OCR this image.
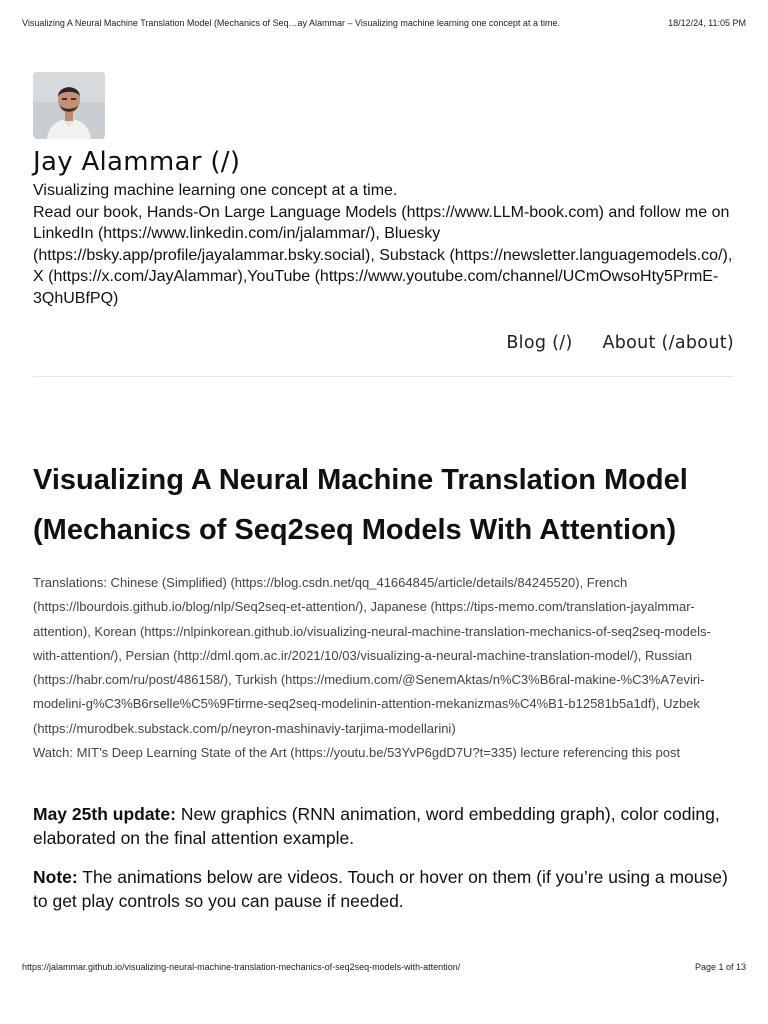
Visualizing A Neural Machine Translation Model (Mechanics of Seq…ay Alammar – Visualizing machine learning one concept at a time.	18/12/24, 11:05 PM
Jay Alammar (/)

Visualizing machine learning one concept at a time.

Read our book, Hands-On Large Language Models (https://www.LLM-book.com) and follow me on LinkedIn (https://www.linkedin.com/in/jalammar/), Bluesky (https://bsky.app/profile/jayalammar.bsky.social), Substack (https://newsletter.languagemodels.co/), X (https://x.com/JayAlammar),YouTube (https://www.youtube.com/channel/UCmOwsoHty5PrmE-3QhUBfPQ)

Blog (/) About (/about)
Visualizing A Neural Machine Translation Model (Mechanics of Seq2seq Models With Attention)

Translations: Chinese (Simplified) (https://blog.csdn.net/qq_41664845/article/details/84245520), French (https://lbourdois.github.io/blog/nlp/Seq2seq-et-attention/), Japanese (https://tips-memo.com/translation-jayalmmar-attention), Korean (https://nlpinkorean.github.io/visualizing-neural-machine-translation-mechanics-of-seq2seq-models-with-attention/), Persian (http://dml.qom.ac.ir/2021/10/03/visualizing-a-neural-machine-translation-model/), Russian (https://habr.com/ru/post/486158/), Turkish (https://medium.com/@SenemAktas/n%C3%B6ral-makine-%C3%A7eviri-modelini-g%C3%B6rselle%C5%9Ftirme-seq2seq-modelinin-attention-mekanizmas%C4%B1-b12581b5a1df), Uzbek (https://murodbek.substack.com/p/neyron-mashinaviy-tarjima-modellarini)

Watch: MIT’s Deep Learning State of the Art (https://youtu.be/53YvP6gdD7U?t=335) lecture referencing this post

May 25th update: New graphics (RNN animation, word embedding graph), color coding, elaborated on the final attention example.

Note: The animations below are videos. Touch or hover on them (if you’re using a mouse) to get play controls so you can pause if needed.

https://jalammar.github.io/visualizing-neural-machine-translation-mechanics-of-seq2seq-models-with-attention/	Page 1 of 13
